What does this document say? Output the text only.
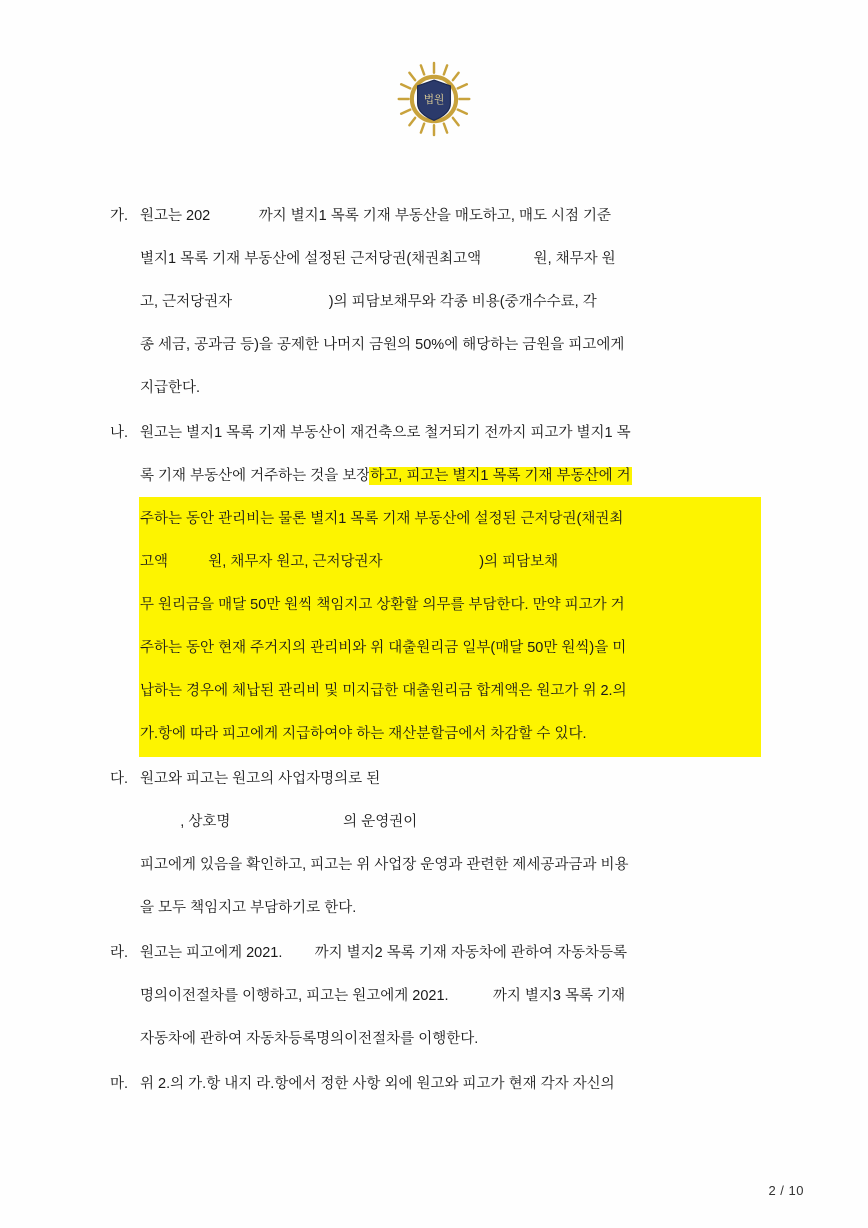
법원
가. 원고는 202            까지 별지1 목록 기재 부동산을 매도하고, 매도 시점 기준
별지1 목록 기재 부동산에 설정된 근저당권(채권최고액             원, 채무자 원
고, 근저당권자                        )의 피담보채무와 각종 비용(중개수수료, 각
종 세금, 공과금 등)을 공제한 나머지 금원의 50%에 해당하는 금원을 피고에게
지급한다.
나. 원고는 별지1 목록 기재 부동산이 재건축으로 철거되기 전까지 피고가 별지1 목
록 기재 부동산에 거주하는 것을 보장하고, 피고는 별지1 목록 기재 부동산에 거
주하는 동안 관리비는 물론 별지1 목록 기재 부동산에 설정된 근저당권(채권최
고액          원, 채무자 원고, 근저당권자                        )의 피담보채
무 원리금을 매달 50만 원씩 책임지고 상환할 의무를 부담한다. 만약 피고가 거
주하는 동안 현재 주거지의 관리비와 위 대출원리금 일부(매달 50만 원씩)을 미
납하는 경우에 체납된 관리비 및 미지급한 대출원리금 합계액은 원고가 위 2.의
가.항에 따라 피고에게 지급하여야 하는 재산분할금에서 차감할 수 있다.
다. 원고와 피고는 원고의 사업자명의로 된
, 상호명                            의 운영권이
피고에게 있음을 확인하고, 피고는 위 사업장 운영과 관련한 제세공과금과 비용
을 모두 책임지고 부담하기로 한다.
라. 원고는 피고에게 2021.        까지 별지2 목록 기재 자동차에 관하여 자동차등록
명의이전절차를 이행하고, 피고는 원고에게 2021.           까지 별지3 목록 기재
자동차에 관하여 자동차등록명의이전절차를 이행한다.
마. 위 2.의 가.항 내지 라.항에서 정한 사항 외에 원고와 피고가 현재 각자 자신의
2 / 10
